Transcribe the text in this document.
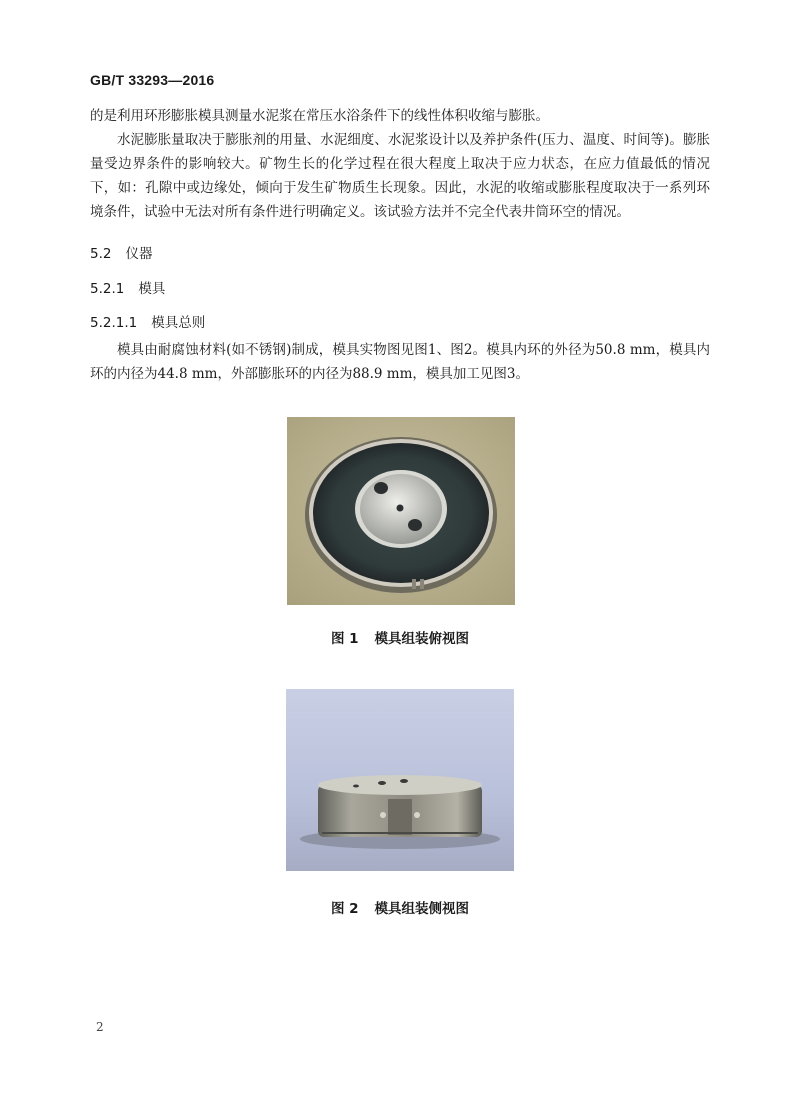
GB/T 33293—2016

的是利用环形膨胀模具测量水泥浆在常压水浴条件下的线性体积收缩与膨胀。

水泥膨胀量取决于膨胀剂的用量、水泥细度、水泥浆设计以及养护条件(压力、温度、时间等)。膨胀量受边界条件的影响较大。矿物生长的化学过程在很大程度上取决于应力状态，在应力值最低的情况下，如：孔隙中或边缘处，倾向于发生矿物质生长现象。因此，水泥的收缩或膨胀程度取决于一系列环境条件，试验中无法对所有条件进行明确定义。该试验方法并不完全代表井筒环空的情况。

5.2 仪器
5.2.1 模具
5.2.1.1 模具总则

模具由耐腐蚀材料(如不锈钢)制成，模具实物图见图1、图2。模具内环的外径为50.8 mm，模具内环的内径为44.8 mm，外部膨胀环的内径为88.9 mm，模具加工见图3。

图 1 模具组装俯视图
图 2 模具组装侧视图
2
